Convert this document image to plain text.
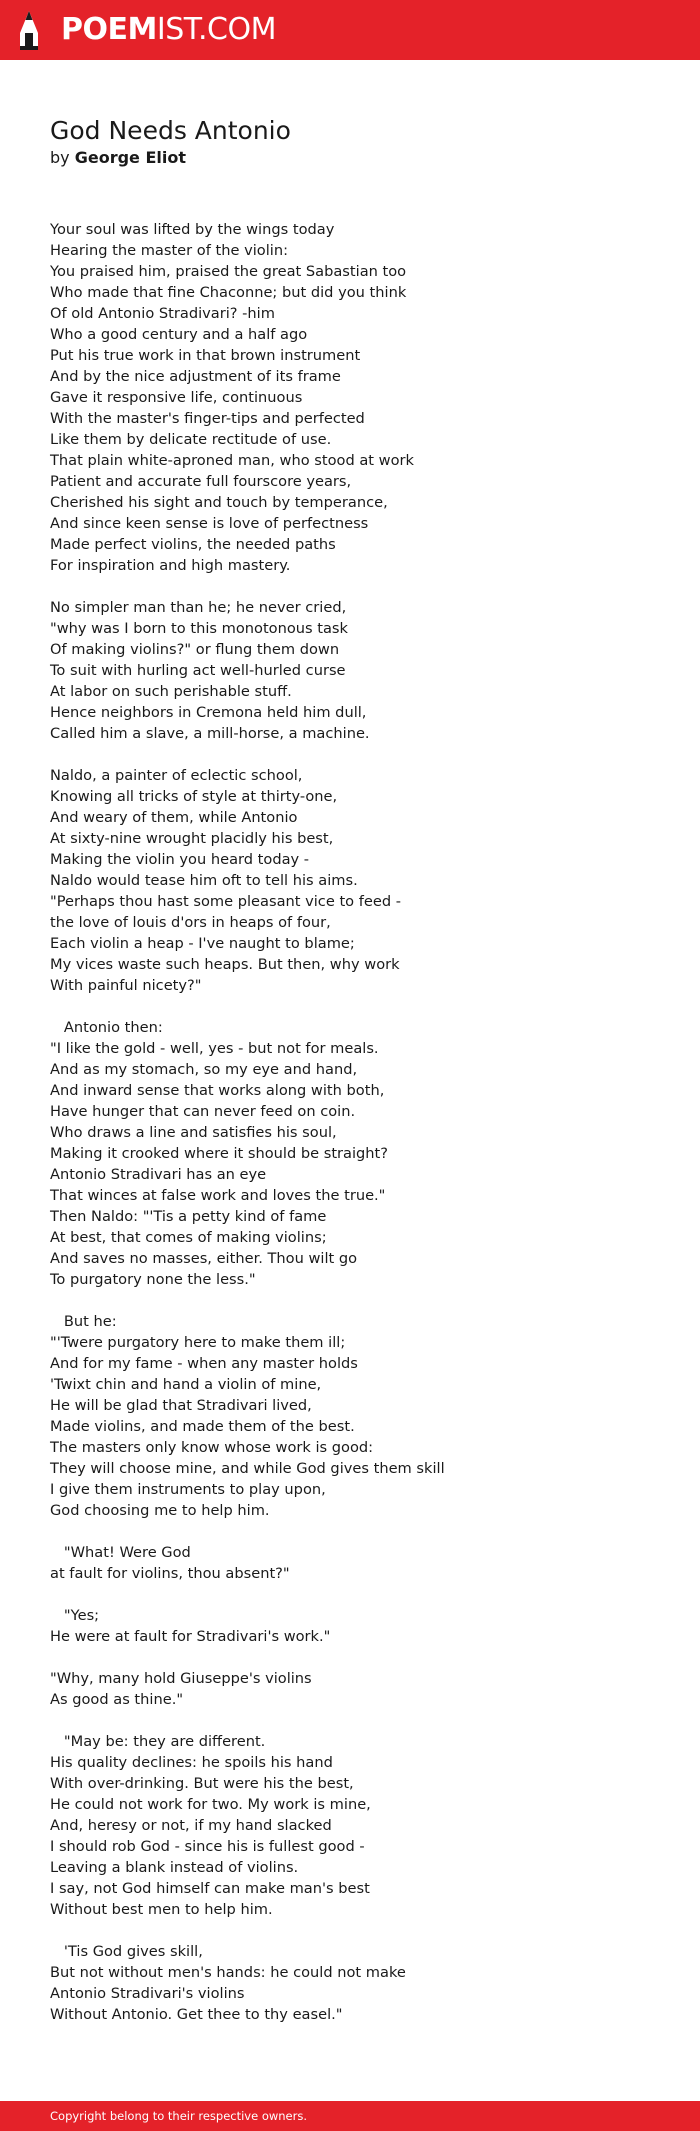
POEMIST.COM
God Needs Antonio
by George Eliot
Your soul was lifted by the wings today
Hearing the master of the violin:
You praised him, praised the great Sabastian too
Who made that fine Chaconne; but did you think
Of old Antonio Stradivari? -him
Who a good century and a half ago
Put his true work in that brown instrument
And by the nice adjustment of its frame
Gave it responsive life, continuous
With the master's finger-tips and perfected
Like them by delicate rectitude of use.
That plain white-aproned man, who stood at work
Patient and accurate full fourscore years,
Cherished his sight and touch by temperance,
And since keen sense is love of perfectness
Made perfect violins, the needed paths
For inspiration and high mastery.
No simpler man than he; he never cried,
"why was I born to this monotonous task
Of making violins?" or flung them down
To suit with hurling act well-hurled curse
At labor on such perishable stuff.
Hence neighbors in Cremona held him dull,
Called him a slave, a mill-horse, a machine.
Naldo, a painter of eclectic school,
Knowing all tricks of style at thirty-one,
And weary of them, while Antonio
At sixty-nine wrought placidly his best,
Making the violin you heard today -
Naldo would tease him oft to tell his aims.
"Perhaps thou hast some pleasant vice to feed -
the love of louis d'ors in heaps of four,
Each violin a heap - I've naught to blame;
My vices waste such heaps. But then, why work
With painful nicety?"
Antonio then:
"I like the gold - well, yes - but not for meals.
And as my stomach, so my eye and hand,
And inward sense that works along with both,
Have hunger that can never feed on coin.
Who draws a line and satisfies his soul,
Making it crooked where it should be straight?
Antonio Stradivari has an eye
That winces at false work and loves the true."
Then Naldo: "'Tis a petty kind of fame
At best, that comes of making violins;
And saves no masses, either. Thou wilt go
To purgatory none the less."
But he:
"'Twere purgatory here to make them ill;
And for my fame - when any master holds
'Twixt chin and hand a violin of mine,
He will be glad that Stradivari lived,
Made violins, and made them of the best.
The masters only know whose work is good:
They will choose mine, and while God gives them skill
I give them instruments to play upon,
God choosing me to help him.
"What! Were God
at fault for violins, thou absent?"
"Yes;
He were at fault for Stradivari's work."
"Why, many hold Giuseppe's violins
As good as thine."
"May be: they are different.
His quality declines: he spoils his hand
With over-drinking. But were his the best,
He could not work for two. My work is mine,
And, heresy or not, if my hand slacked
I should rob God - since his is fullest good -
Leaving a blank instead of violins.
I say, not God himself can make man's best
Without best men to help him.
'Tis God gives skill,
But not without men's hands: he could not make
Antonio Stradivari's violins
Without Antonio. Get thee to thy easel."
Copyright belong to their respective owners.
